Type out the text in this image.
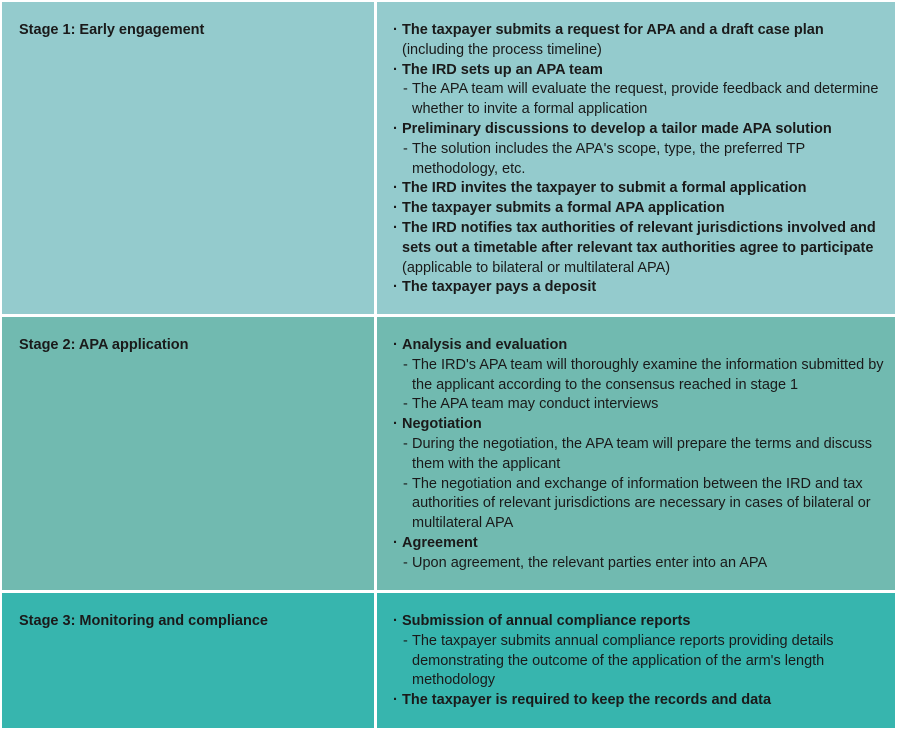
Stage 1: Early engagement	· The taxpayer submits a request for APA and a draft case plan
(including the process timeline)
· The IRD sets up an APA team
- The APA team will evaluate the request, provide feedback and determine whether to invite a formal application
· Preliminary discussions to develop a tailor made APA solution
- The solution includes the APA's scope, type, the preferred TP methodology, etc.
· The IRD invites the taxpayer to submit a formal application
· The taxpayer submits a formal APA application
· The IRD notifies tax authorities of relevant jurisdictions involved and sets out a timetable after relevant tax authorities agree to participate
(applicable to bilateral or multilateral APA)
· The taxpayer pays a deposit
Stage 2: APA application	· Analysis and evaluation
- The IRD's APA team will thoroughly examine the information submitted by the applicant according to the consensus reached in stage 1
- The APA team may conduct interviews
· Negotiation
- During the negotiation, the APA team will prepare the terms and discuss them with the applicant
- The negotiation and exchange of information between the IRD and tax authorities of relevant jurisdictions are necessary in cases of bilateral or multilateral APA
· Agreement
- Upon agreement, the relevant parties enter into an APA
Stage 3: Monitoring and compliance	· Submission of annual compliance reports
- The taxpayer submits annual compliance reports providing details demonstrating the outcome of the application of the arm's length methodology
· The taxpayer is required to keep the records and data
